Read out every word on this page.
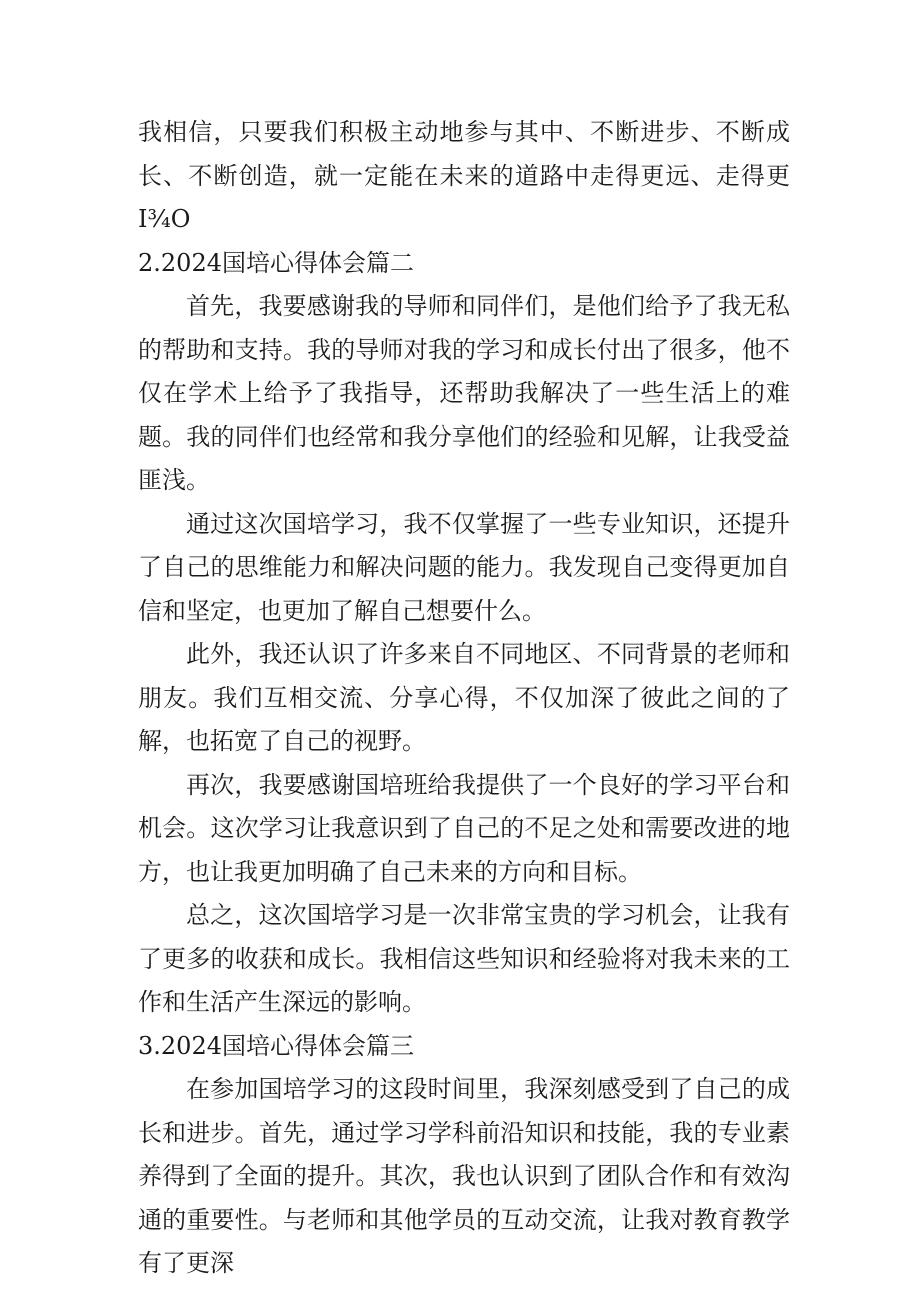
我相信，只要我们积极主动地参与其中、不断进步、不断成长、不断创造，就一定能在未来的道路中走得更远、走得更I¾O

2.2024国培心得体会篇二

首先，我要感谢我的导师和同伴们，是他们给予了我无私的帮助和支持。我的导师对我的学习和成长付出了很多，他不仅在学术上给予了我指导，还帮助我解决了一些生活上的难题。我的同伴们也经常和我分享他们的经验和见解，让我受益匪浅。

通过这次国培学习，我不仅掌握了一些专业知识，还提升了自己的思维能力和解决问题的能力。我发现自己变得更加自信和坚定，也更加了解自己想要什么。

此外，我还认识了许多来自不同地区、不同背景的老师和朋友。我们互相交流、分享心得，不仅加深了彼此之间的了解，也拓宽了自己的视野。

再次，我要感谢国培班给我提供了一个良好的学习平台和机会。这次学习让我意识到了自己的不足之处和需要改进的地方，也让我更加明确了自己未来的方向和目标。

总之，这次国培学习是一次非常宝贵的学习机会，让我有了更多的收获和成长。我相信这些知识和经验将对我未来的工作和生活产生深远的影响。

3.2024国培心得体会篇三

在参加国培学习的这段时间里，我深刻感受到了自己的成长和进步。首先，通过学习学科前沿知识和技能，我的专业素养得到了全面的提升。其次，我也认识到了团队合作和有效沟通的重要性。与老师和其他学员的互动交流，让我对教育教学有了更深
